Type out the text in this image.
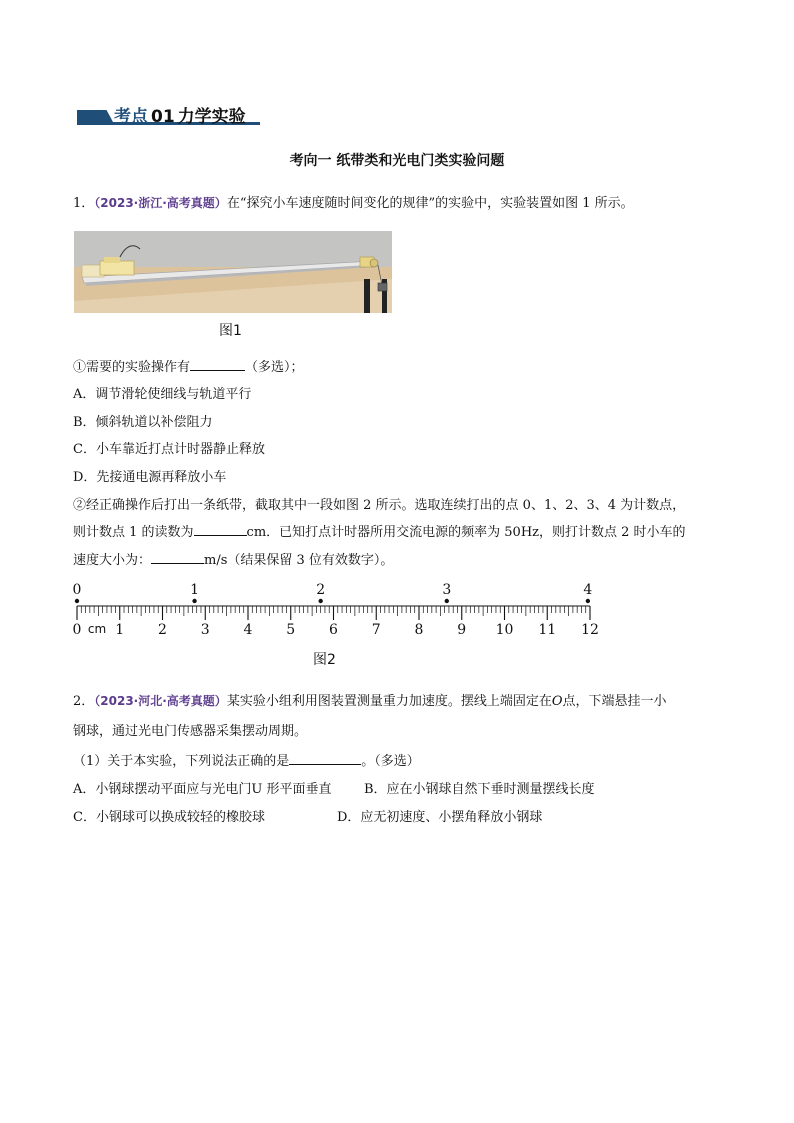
考点 01 力学实验
考向一 纸带类和光电门类实验问题
1．（2023·浙江·高考真题）在“探究小车速度随时间变化的规律”的实验中，实验装置如图 1 所示。
图1
①需要的实验操作有	（多选）；
A．调节滑轮使细线与轨道平行
B．倾斜轨道以补偿阻力
C．小车靠近打点计时器静止释放
D．先接通电源再释放小车
②经正确操作后打出一条纸带，截取其中一段如图 2 所示。选取连续打出的点 0、1、2、3、4 为计数点，
则计数点 1 的读数为	cm．已知打点计时器所用交流电源的频率为 50Hz，则打计数点 2 时小车的
速度大小为：	m/s（结果保留 3 位有效数字）。
0 cm 1 2 3 4 5 6 7 8 9 10 11 12
0	1	2	3	4
图2
2．（2023·河北·高考真题）某实验小组利用图装置测量重力加速度。摆线上端固定在O点，下端悬挂一小
钢球，通过光电门传感器采集摆动周期。
（1）关于本实验，下列说法正确的是	。（多选）
A．小钢球摆动平面应与光电门U 形平面垂直	B．应在小钢球自然下垂时测量摆线长度
C．小钢球可以换成较轻的橡胶球	D．应无初速度、小摆角释放小钢球
